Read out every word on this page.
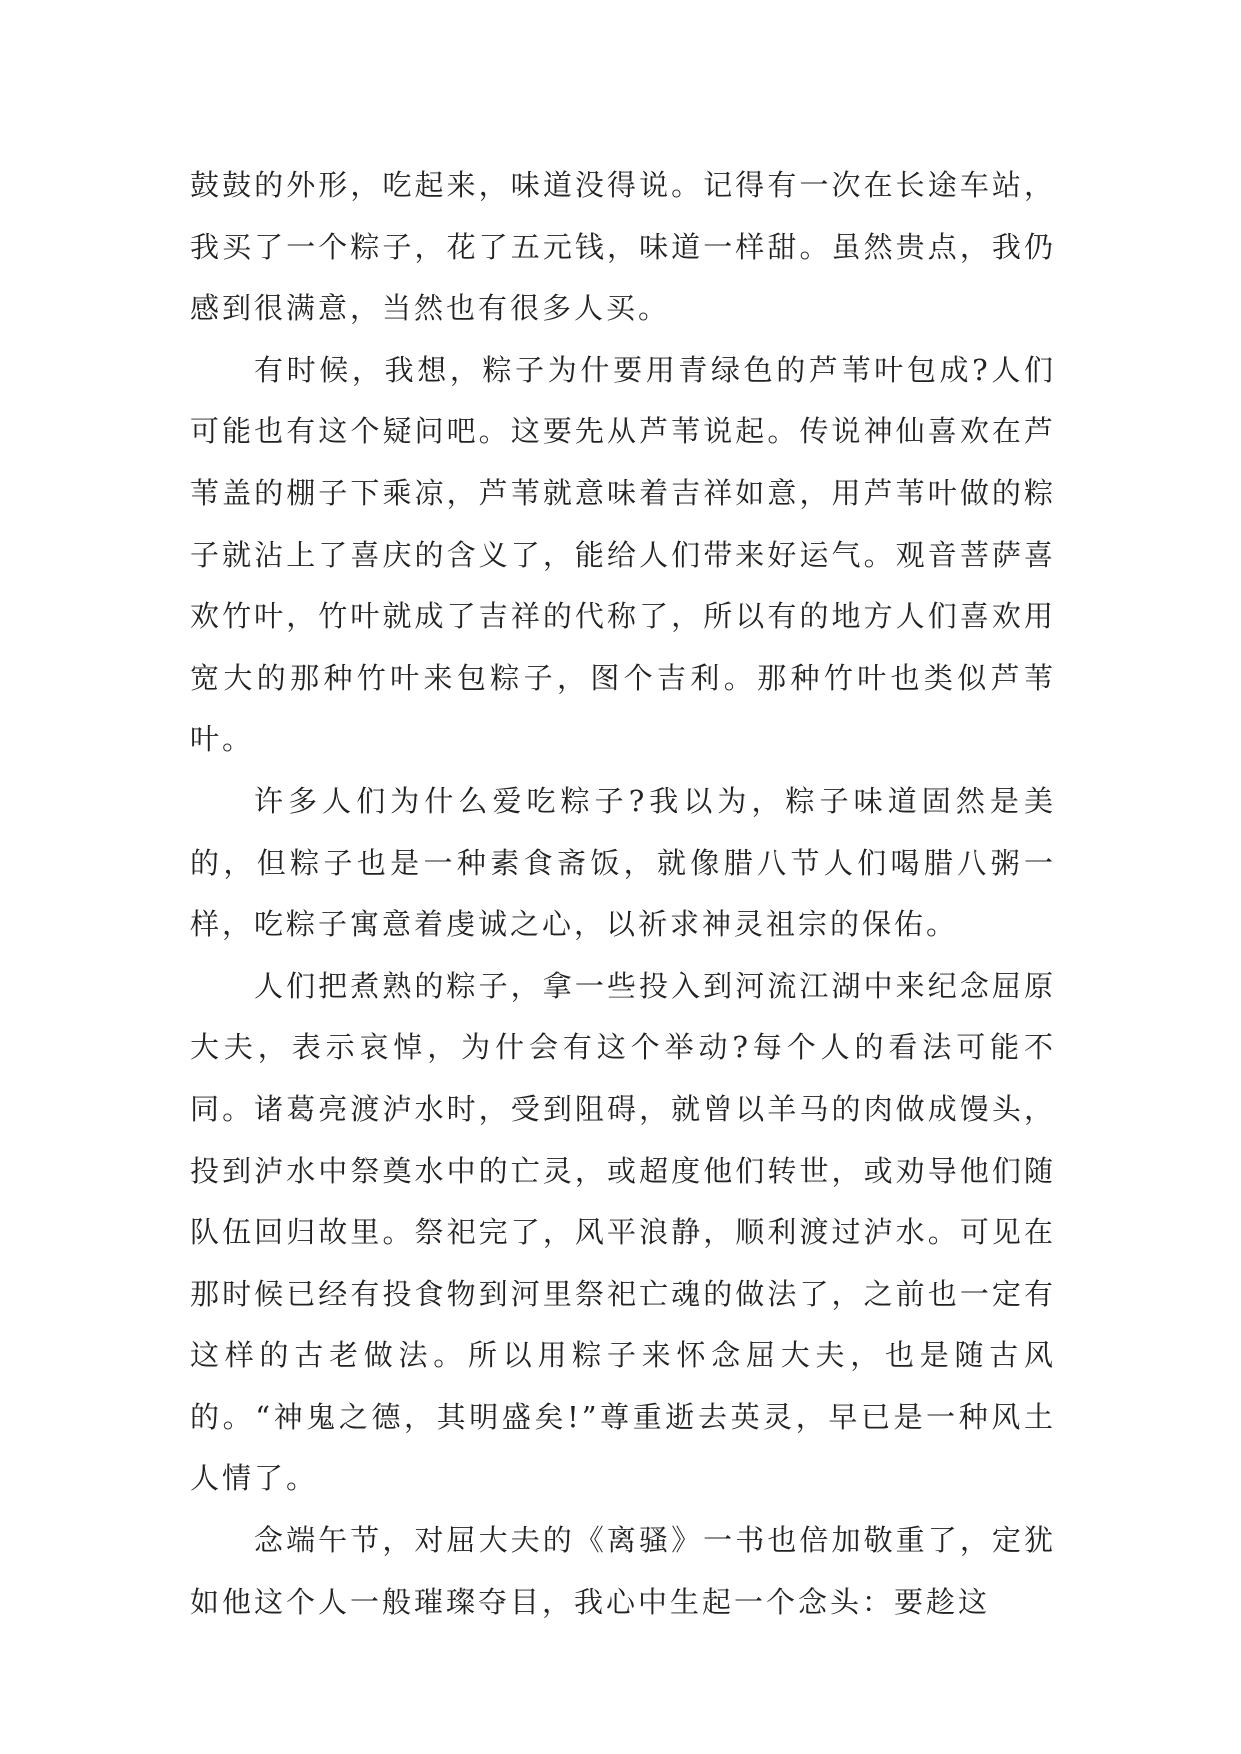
鼓鼓的外形，吃起来，味道没得说。记得有一次在长途车站，我买了一个粽子，花了五元钱，味道一样甜。虽然贵点，我仍感到很满意，当然也有很多人买。

有时候，我想，粽子为什要用青绿色的芦苇叶包成?人们可能也有这个疑问吧。这要先从芦苇说起。传说神仙喜欢在芦苇盖的棚子下乘凉，芦苇就意味着吉祥如意，用芦苇叶做的粽子就沾上了喜庆的含义了，能给人们带来好运气。观音菩萨喜欢竹叶，竹叶就成了吉祥的代称了，所以有的地方人们喜欢用宽大的那种竹叶来包粽子，图个吉利。那种竹叶也类似芦苇叶。

许多人们为什么爱吃粽子?我以为，粽子味道固然是美的，但粽子也是一种素食斋饭，就像腊八节人们喝腊八粥一样，吃粽子寓意着虔诚之心，以祈求神灵祖宗的保佑。

人们把煮熟的粽子，拿一些投入到河流江湖中来纪念屈原大夫，表示哀悼，为什会有这个举动?每个人的看法可能不同。诸葛亮渡泸水时，受到阻碍，就曾以羊马的肉做成馒头，投到泸水中祭奠水中的亡灵，或超度他们转世，或劝导他们随队伍回归故里。祭祀完了，风平浪静，顺利渡过泸水。可见在那时候已经有投食物到河里祭祀亡魂的做法了，之前也一定有这样的古老做法。所以用粽子来怀念屈大夫，也是随古风的。“神鬼之德，其明盛矣!”尊重逝去英灵，早已是一种风土人情了。

念端午节，对屈大夫的《离骚》一书也倍加敬重了，定犹如他这个人一般璀璨夺目，我心中生起一个念头：要趁这
